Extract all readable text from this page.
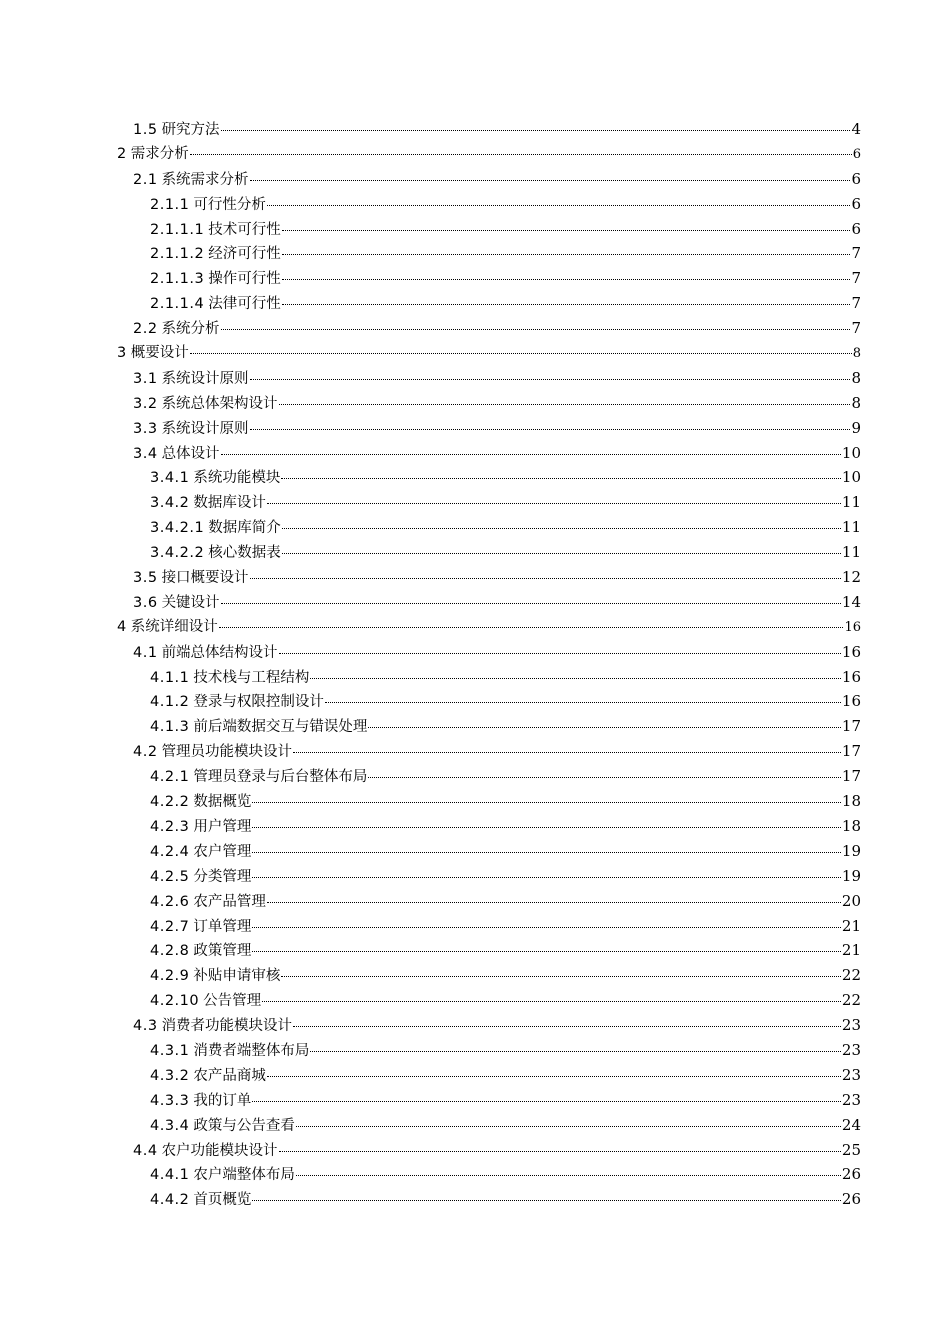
1.5 研究方法	4
2 需求分析	6
2.1 系统需求分析	6
2.1.1 可行性分析	6
2.1.1.1 技术可行性	6
2.1.1.2 经济可行性	7
2.1.1.3 操作可行性	7
2.1.1.4 法律可行性	7
2.2 系统分析	7
3 概要设计	8
3.1 系统设计原则	8
3.2 系统总体架构设计	8
3.3 系统设计原则	9
3.4 总体设计	10
3.4.1 系统功能模块	10
3.4.2 数据库设计	11
3.4.2.1 数据库简介	11
3.4.2.2 核心数据表	11
3.5 接口概要设计	12
3.6 关键设计	14
4 系统详细设计	16
4.1 前端总体结构设计	16
4.1.1 技术栈与工程结构	16
4.1.2 登录与权限控制设计	16
4.1.3 前后端数据交互与错误处理	17
4.2 管理员功能模块设计	17
4.2.1 管理员登录与后台整体布局	17
4.2.2 数据概览	18
4.2.3 用户管理	18
4.2.4 农户管理	19
4.2.5 分类管理	19
4.2.6 农产品管理	20
4.2.7 订单管理	21
4.2.8 政策管理	21
4.2.9 补贴申请审核	22
4.2.10 公告管理	22
4.3 消费者功能模块设计	23
4.3.1 消费者端整体布局	23
4.3.2 农产品商城	23
4.3.3 我的订单	23
4.3.4 政策与公告查看	24
4.4 农户功能模块设计	25
4.4.1 农户端整体布局	26
4.4.2 首页概览	26
